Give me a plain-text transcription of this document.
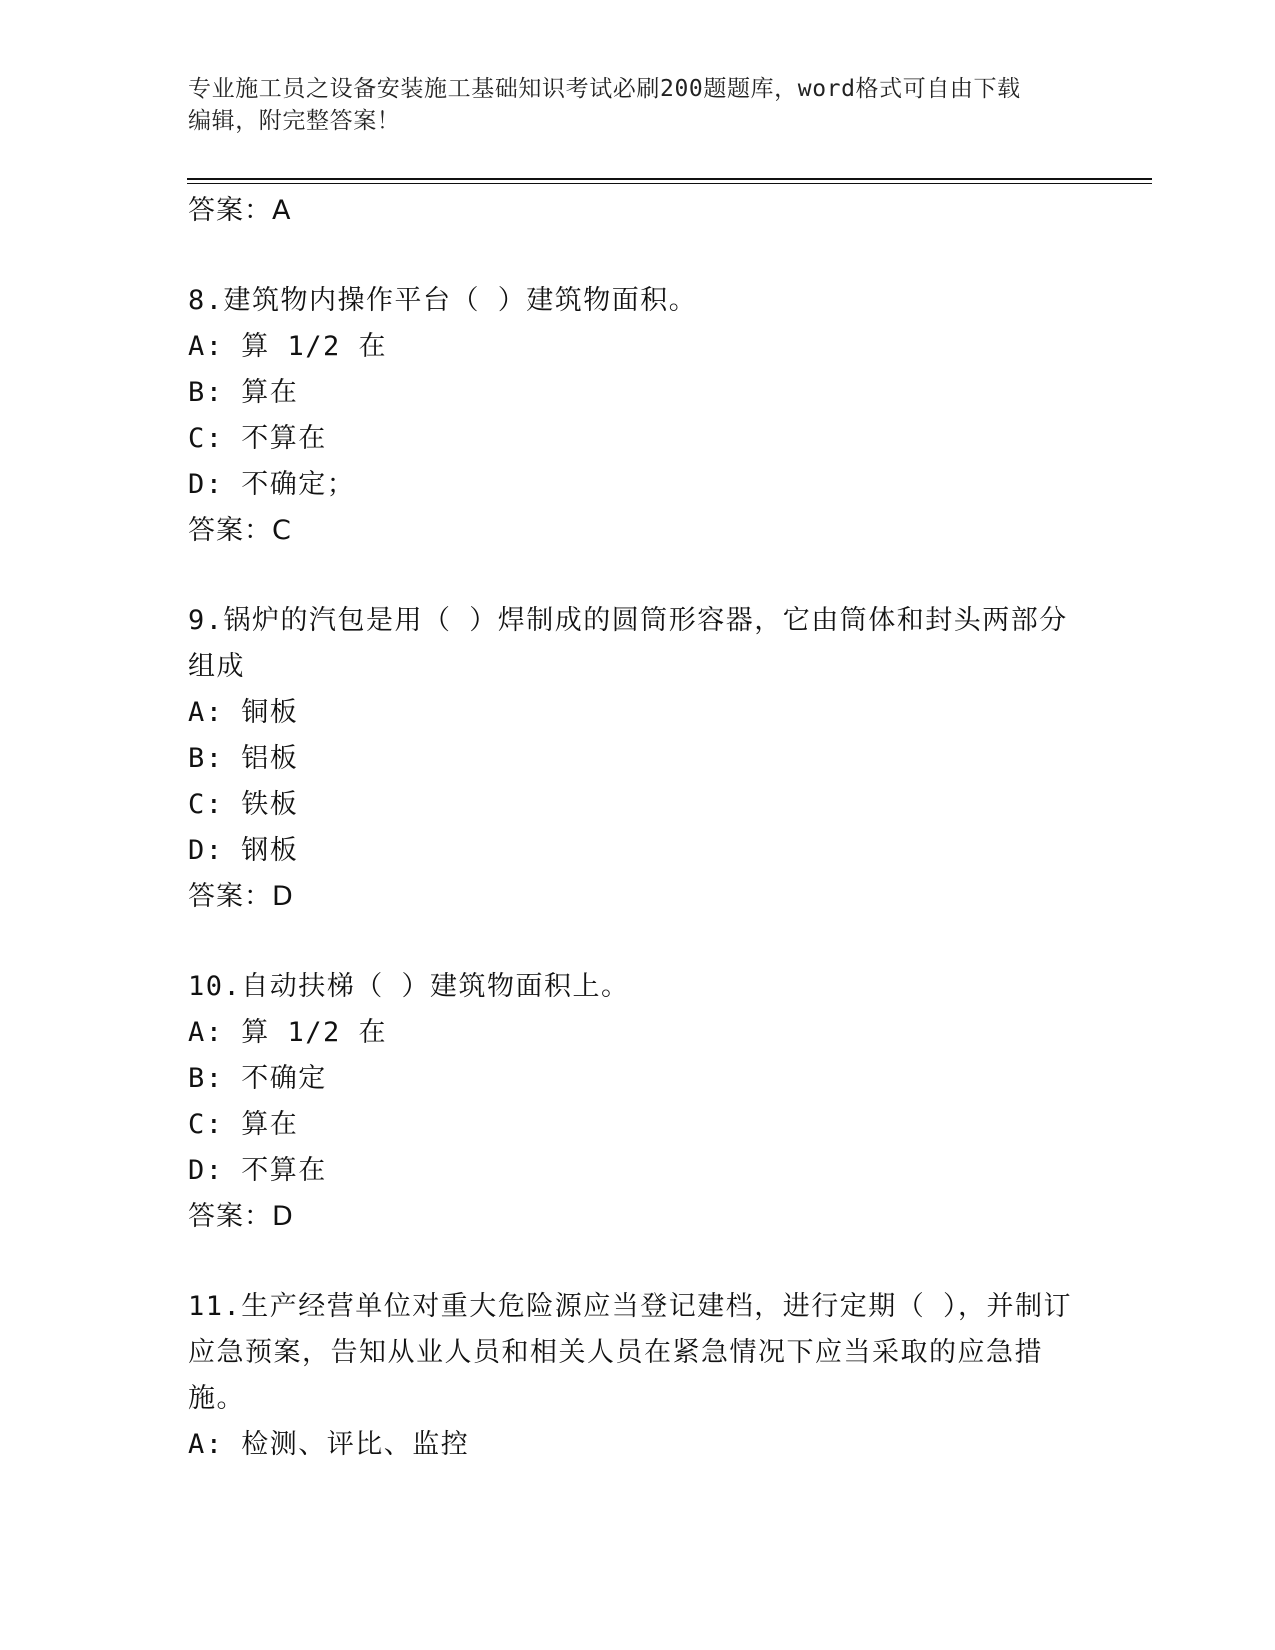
专业施工员之设备安装施工基础知识考试必刷200题题库，word格式可自由下载
编辑，附完整答案！
答案：A
8.建筑物内操作平台（ ）建筑物面积。
A: 算 1/2 在
B: 算在
C: 不算在
D: 不确定；
答案：C
9.锅炉的汽包是用（ ）焊制成的圆筒形容器，它由筒体和封头两部分组成
A: 铜板
B: 铝板
C: 铁板
D: 钢板
答案：D
10.自动扶梯（ ）建筑物面积上。
A: 算 1/2 在
B: 不确定
C: 算在
D: 不算在
答案：D
11.生产经营单位对重大危险源应当登记建档，进行定期（ ），并制订应急预案，告知从业人员和相关人员在紧急情况下应当采取的应急措施。
A: 检测、评比、监控
